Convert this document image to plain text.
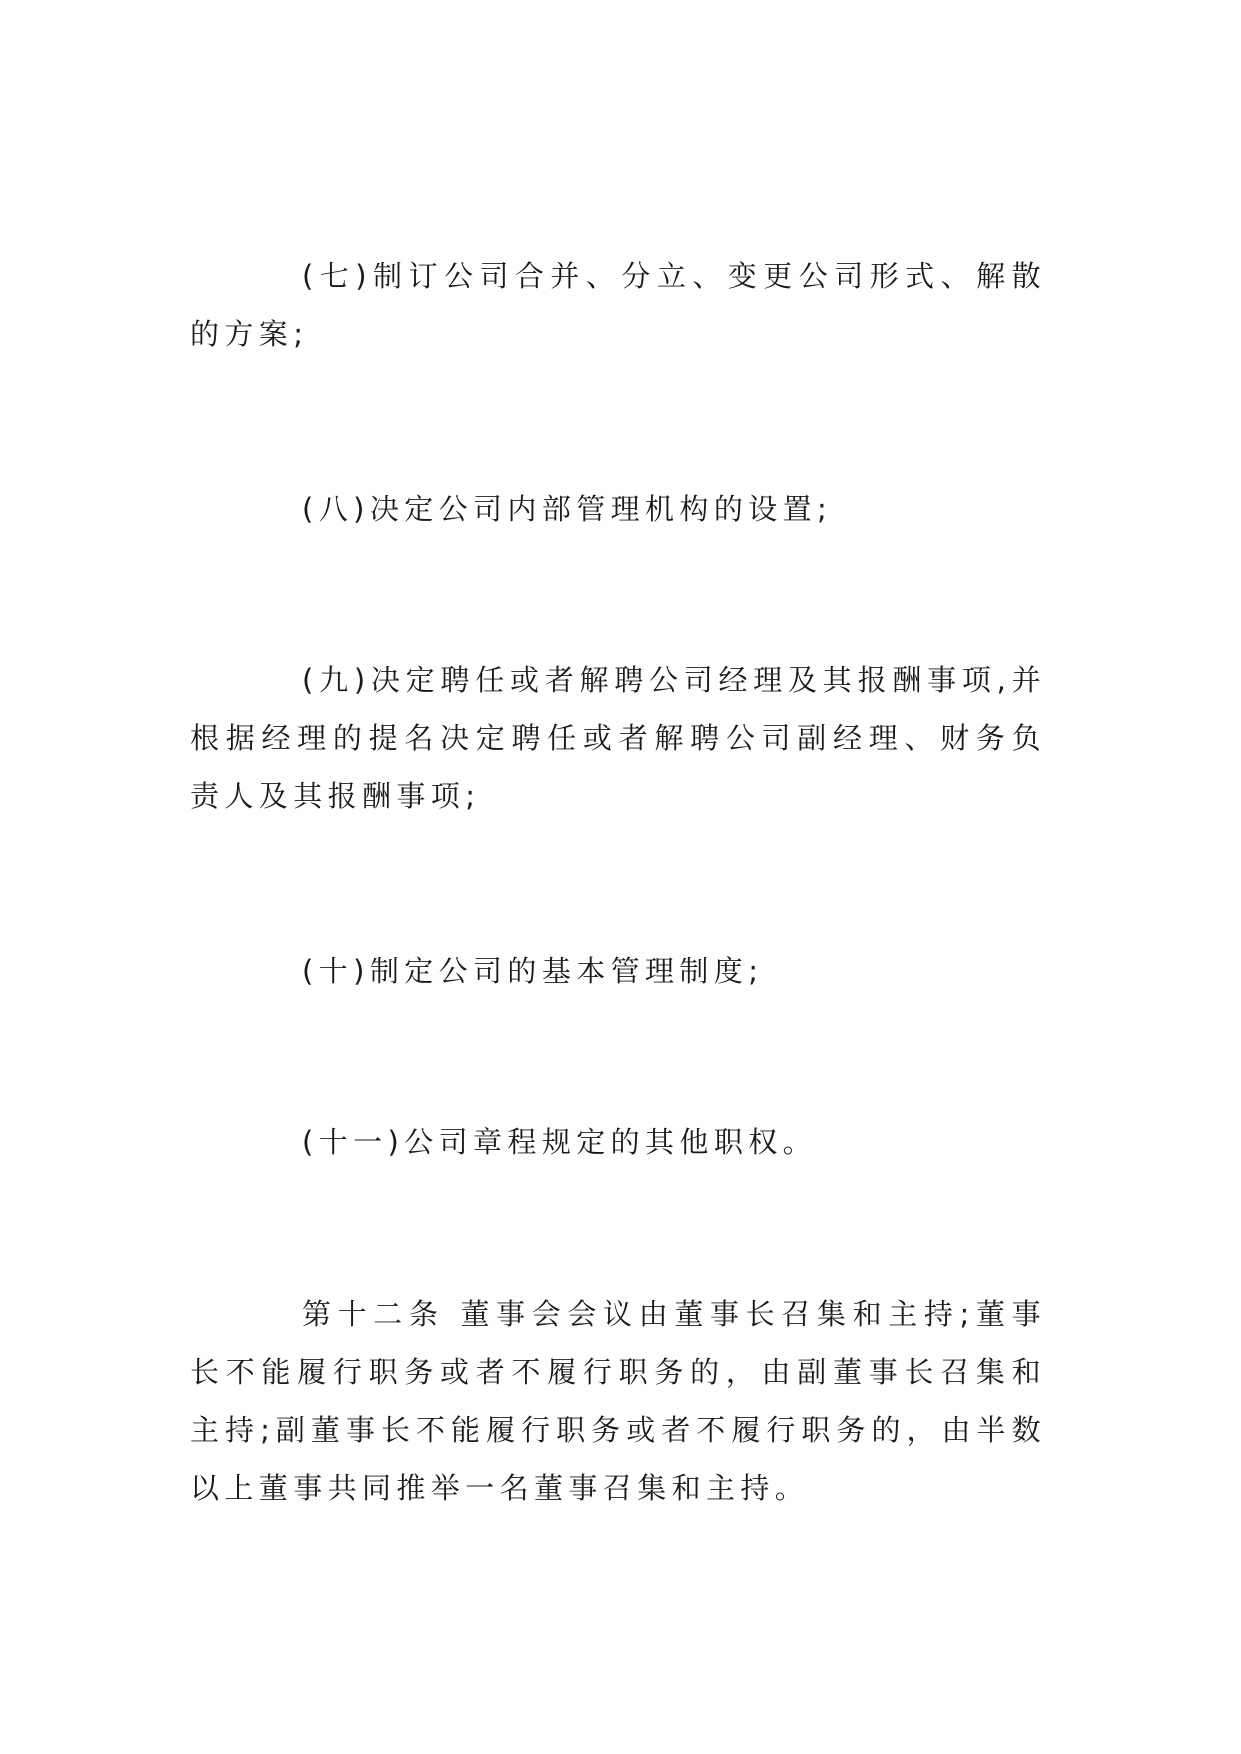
(七)制订公司合并、分立、变更公司形式、解散的方案;

(八)决定公司内部管理机构的设置;

(九)决定聘任或者解聘公司经理及其报酬事项,并根据经理的提名决定聘任或者解聘公司副经理、财务负责人及其报酬事项;

(十)制定公司的基本管理制度;

(十一)公司章程规定的其他职权。

第十二条 董事会会议由董事长召集和主持;董事长不能履行职务或者不履行职务的，由副董事长召集和主持;副董事长不能履行职务或者不履行职务的，由半数以上董事共同推举一名董事召集和主持。
